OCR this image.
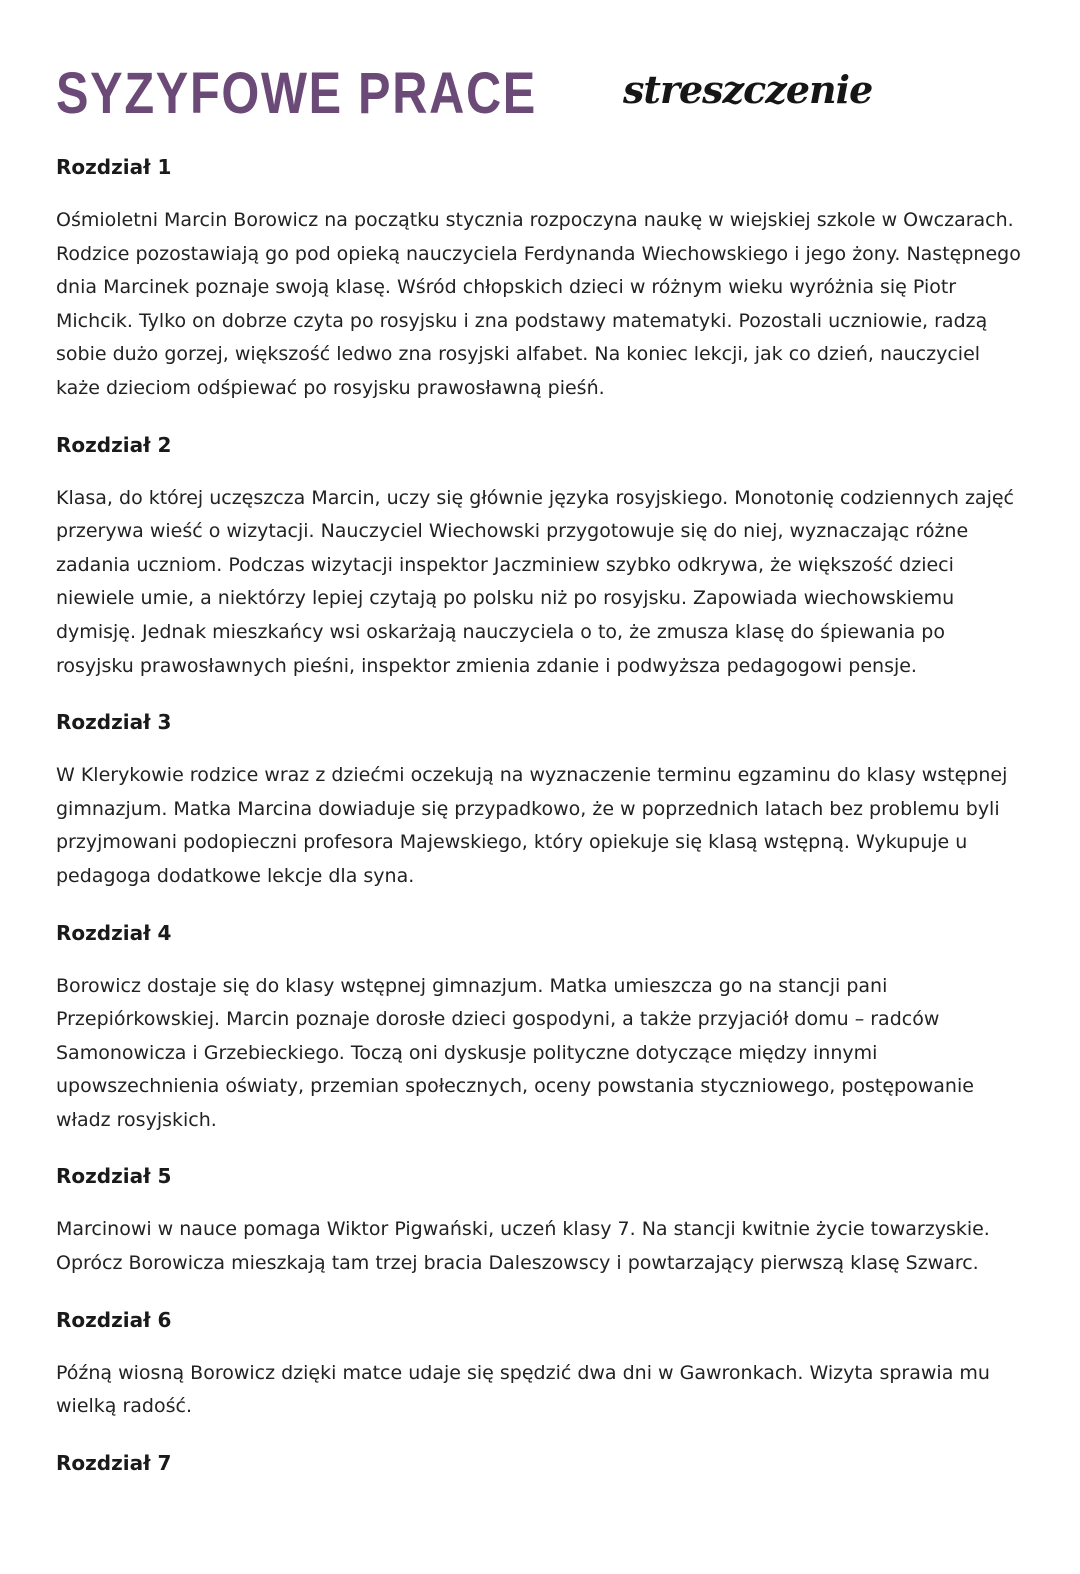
SYZYFOWE PRACE streszczenie
Rozdział 1

Ośmioletni Marcin Borowicz na początku stycznia rozpoczyna naukę w wiejskiej szkole w Owczarach. Rodzice pozostawiają go pod opieką nauczyciela Ferdynanda Wiechowskiego i jego żony. Następnego dnia Marcinek poznaje swoją klasę. Wśród chłopskich dzieci w różnym wieku wyróżnia się Piotr Michcik. Tylko on dobrze czyta po rosyjsku i zna podstawy matematyki. Pozostali uczniowie, radzą sobie dużo gorzej, większość ledwo zna rosyjski alfabet. Na koniec lekcji, jak co dzień, nauczyciel każe dzieciom odśpiewać po rosyjsku prawosławną pieśń.

Rozdział 2

Klasa, do której uczęszcza Marcin, uczy się głównie języka rosyjskiego. Monotonię codziennych zajęć przerywa wieść o wizytacji. Nauczyciel Wiechowski przygotowuje się do niej, wyznaczając różne zadania uczniom. Podczas wizytacji inspektor Jaczminiew szybko odkrywa, że większość dzieci niewiele umie, a niektórzy lepiej czytają po polsku niż po rosyjsku. Zapowiada wiechowskiemu dymisję. Jednak mieszkańcy wsi oskarżają nauczyciela o to, że zmusza klasę do śpiewania po rosyjsku prawosławnych pieśni, inspektor zmienia zdanie i podwyższa pedagogowi pensje.

Rozdział 3

W Klerykowie rodzice wraz z dziećmi oczekują na wyznaczenie terminu egzaminu do klasy wstępnej gimnazjum. Matka Marcina dowiaduje się przypadkowo, że w poprzednich latach bez problemu byli przyjmowani podopieczni profesora Majewskiego, który opiekuje się klasą wstępną. Wykupuje u pedagoga dodatkowe lekcje dla syna.

Rozdział 4

Borowicz dostaje się do klasy wstępnej gimnazjum. Matka umieszcza go na stancji pani Przepiórkowskiej. Marcin poznaje dorosłe dzieci gospodyni, a także przyjaciół domu – radców Samonowicza i Grzebieckiego. Toczą oni dyskusje polityczne dotyczące między innymi upowszechnienia oświaty, przemian społecznych, oceny powstania styczniowego, postępowanie władz rosyjskich.

Rozdział 5

Marcinowi w nauce pomaga Wiktor Pigwański, uczeń klasy 7. Na stancji kwitnie życie towarzyskie. Oprócz Borowicza mieszkają tam trzej bracia Daleszowscy i powtarzający pierwszą klasę Szwarc.

Rozdział 6

Późną wiosną Borowicz dzięki matce udaje się spędzić dwa dni w Gawronkach. Wizyta sprawia mu wielką radość.

Rozdział 7
